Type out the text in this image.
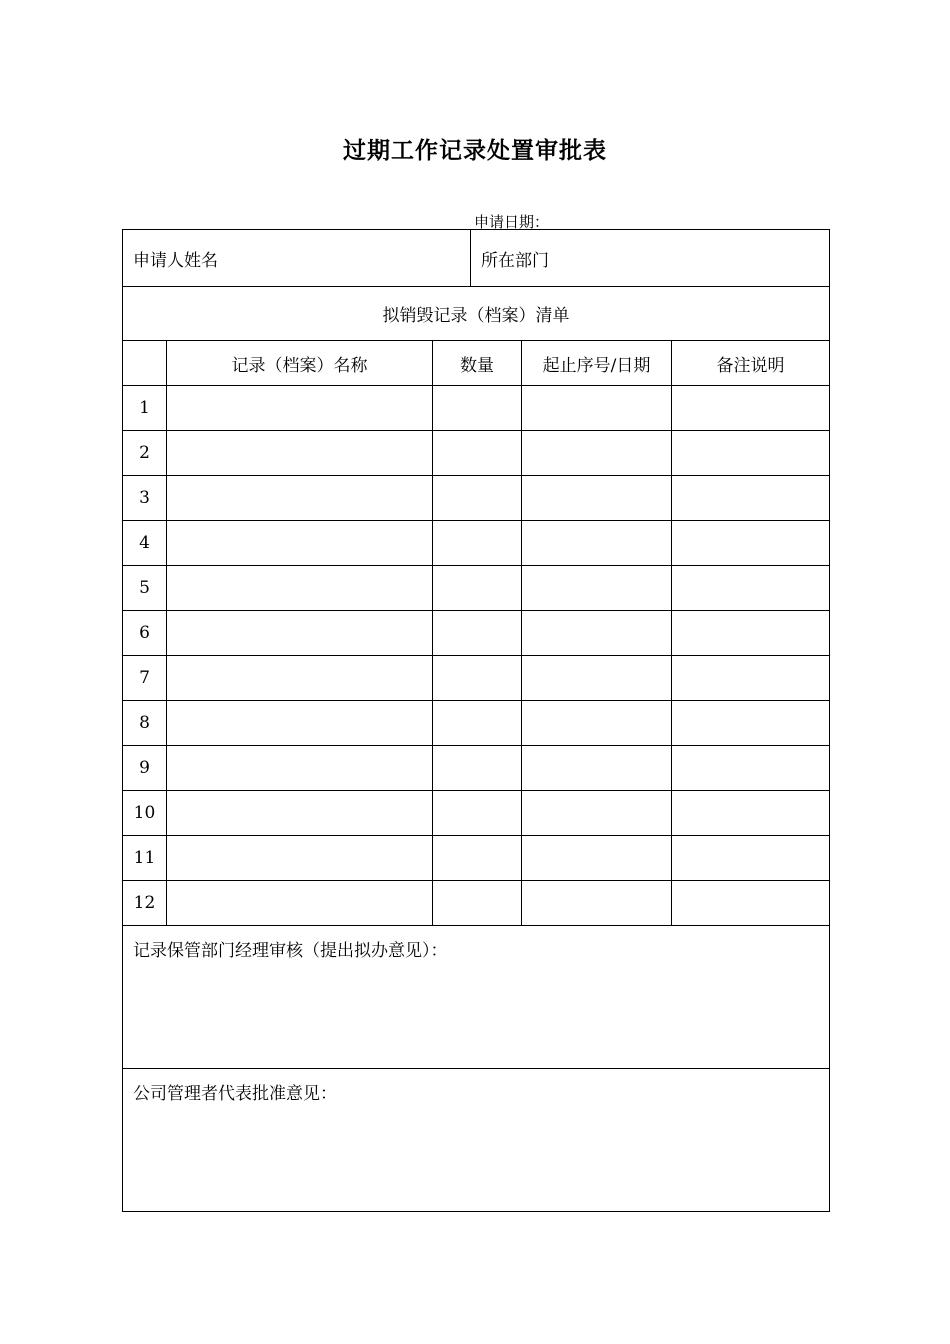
过期工作记录处置审批表
申请日期：
申请人姓名			所在部门		
拟销毁记录（档案）清单					
	记录（档案）名称	数量		起止序号/日期	备注说明
1					
2					
3					
4					
5					
6					
7					
8					
9					
10					
11					
12					

记录保管部门经理审核（提出拟办意见）：					

公司管理者代表批准意见：					
